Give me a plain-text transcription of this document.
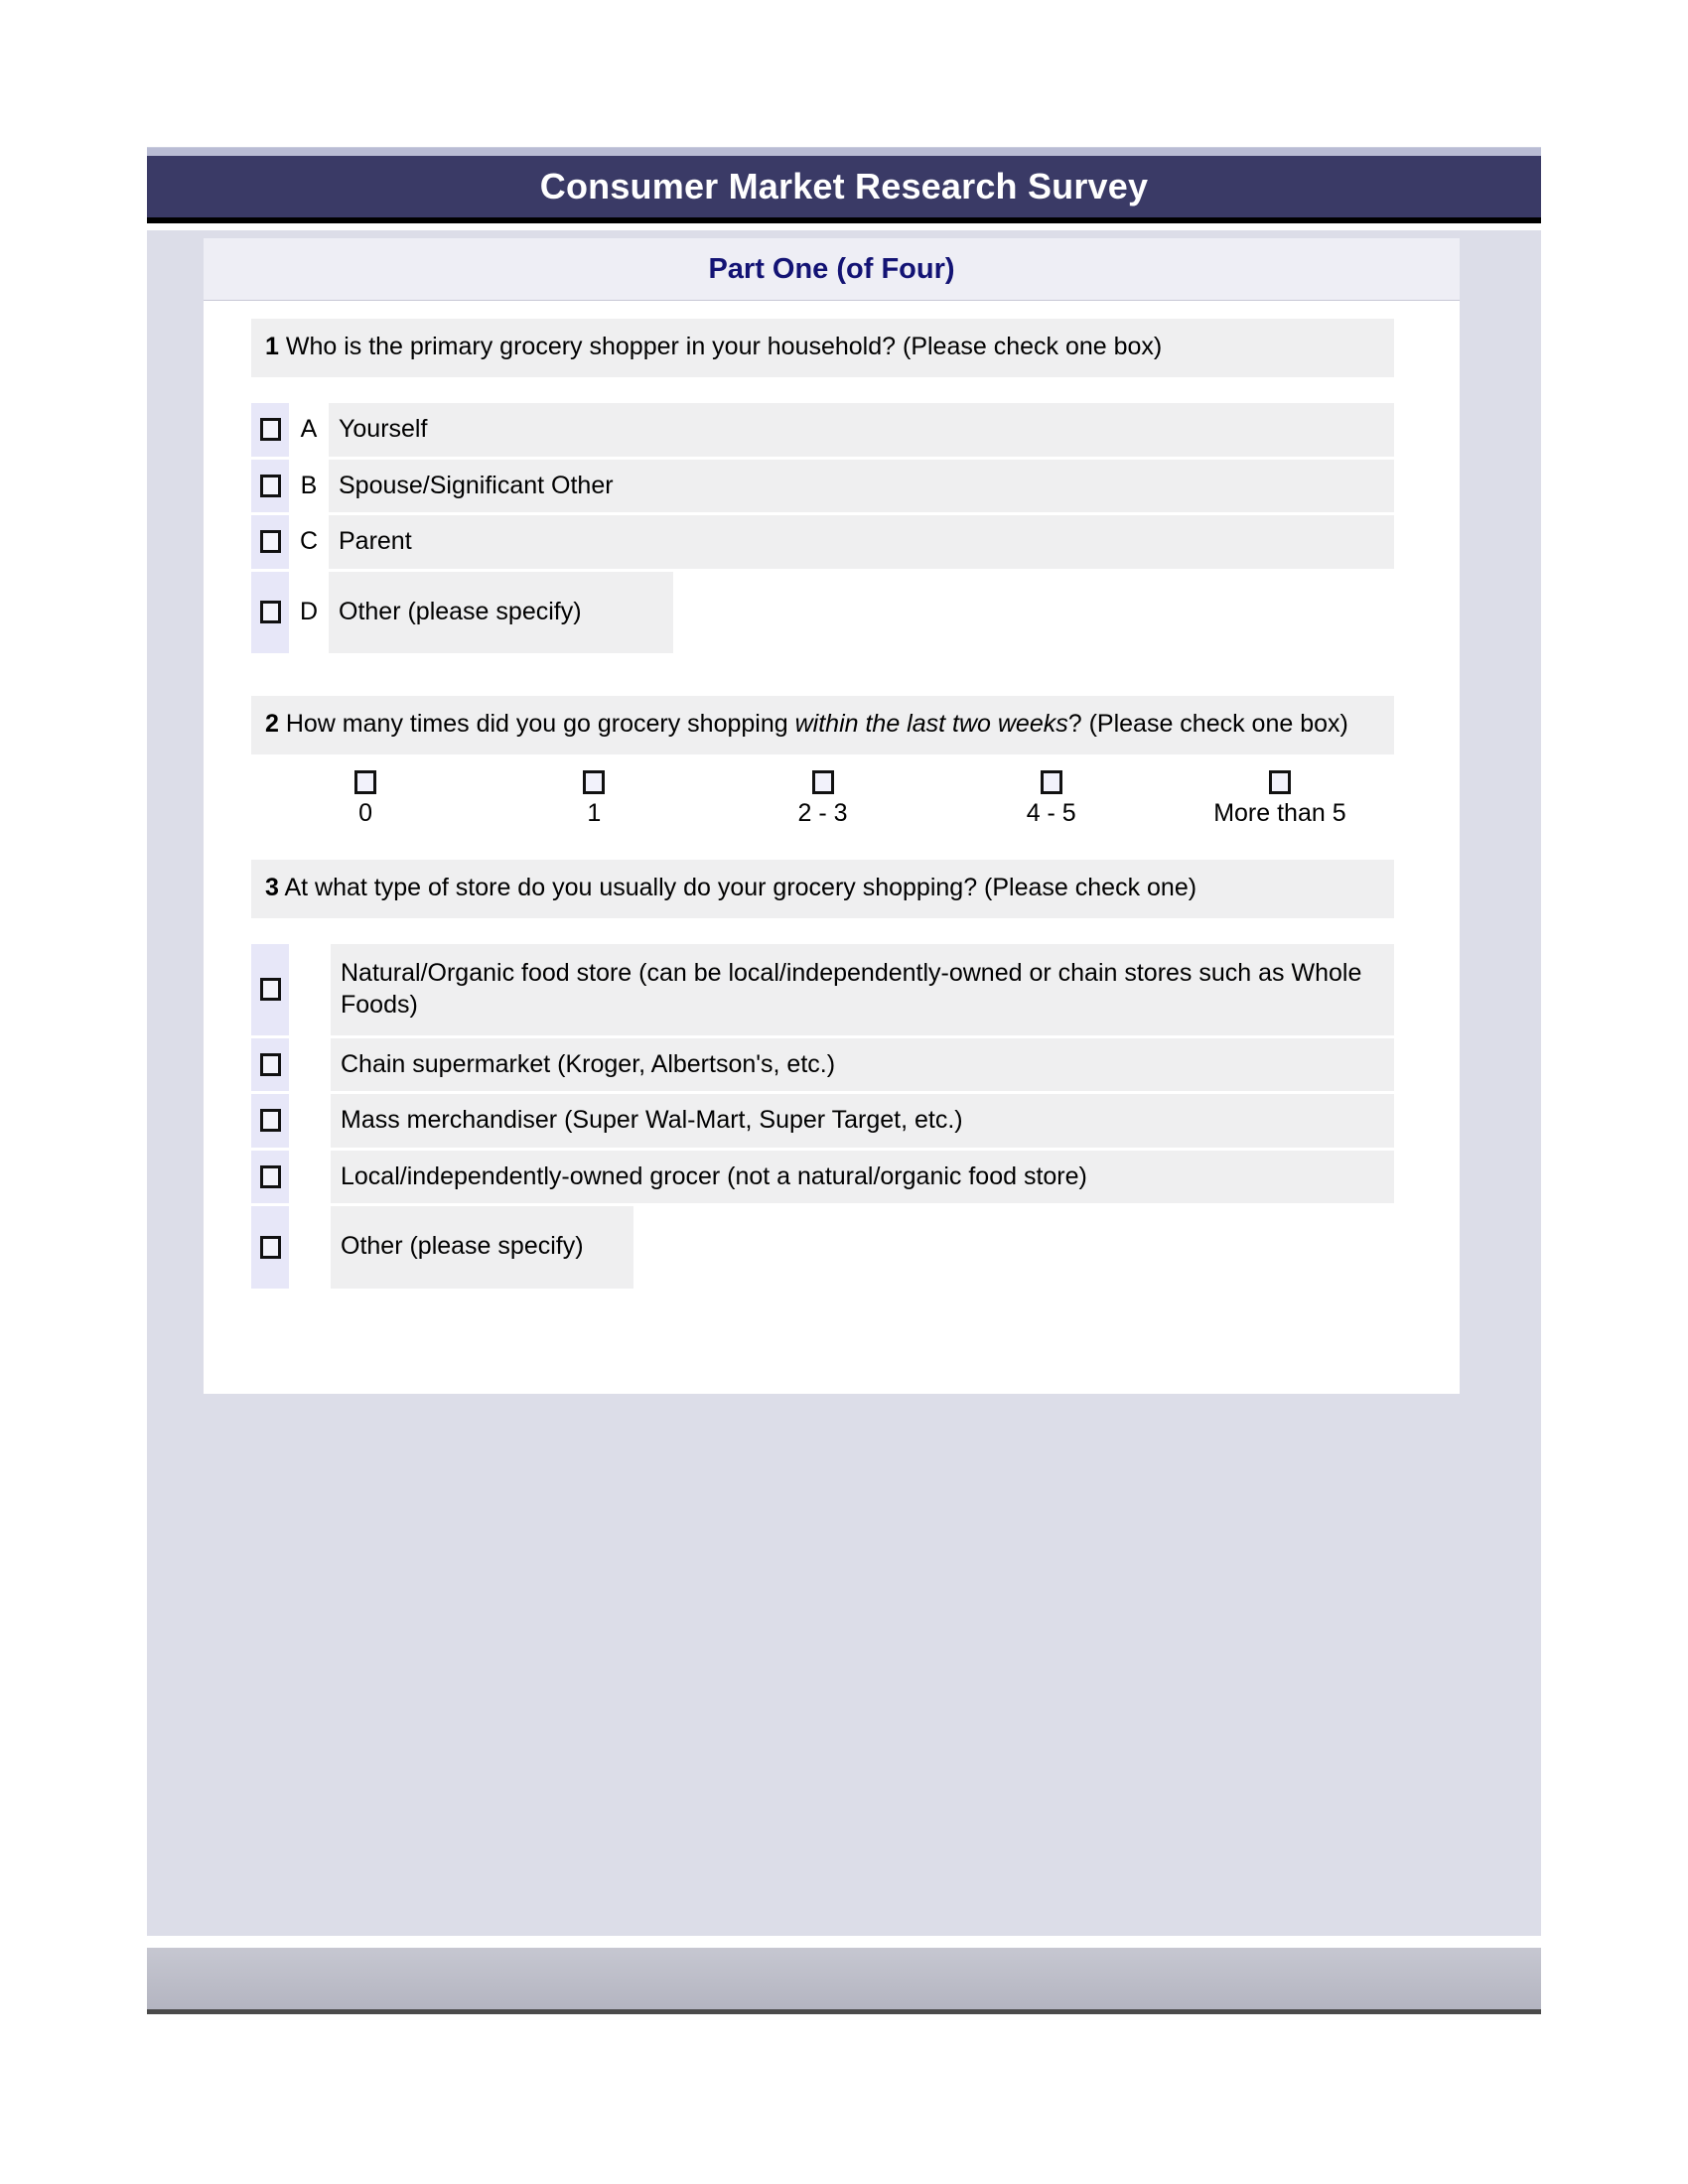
Consumer Market Research Survey
Part One (of Four)
1 Who is the primary grocery shopper in your household? (Please check one box)
A Yourself
B Spouse/Significant Other
C Parent
D Other (please specify)
2 How many times did you go grocery shopping within the last two weeks? (Please check one box)
0	1	2 - 3	4 - 5	More than 5
3 At what type of store do you usually do your grocery shopping? (Please check one)
Natural/Organic food store (can be local/independently-owned or chain stores such as Whole Foods)
Chain supermarket (Kroger, Albertson's, etc.)
Mass merchandiser (Super Wal-Mart, Super Target, etc.)
Local/independently-owned grocer (not a natural/organic food store)
Other (please specify)
